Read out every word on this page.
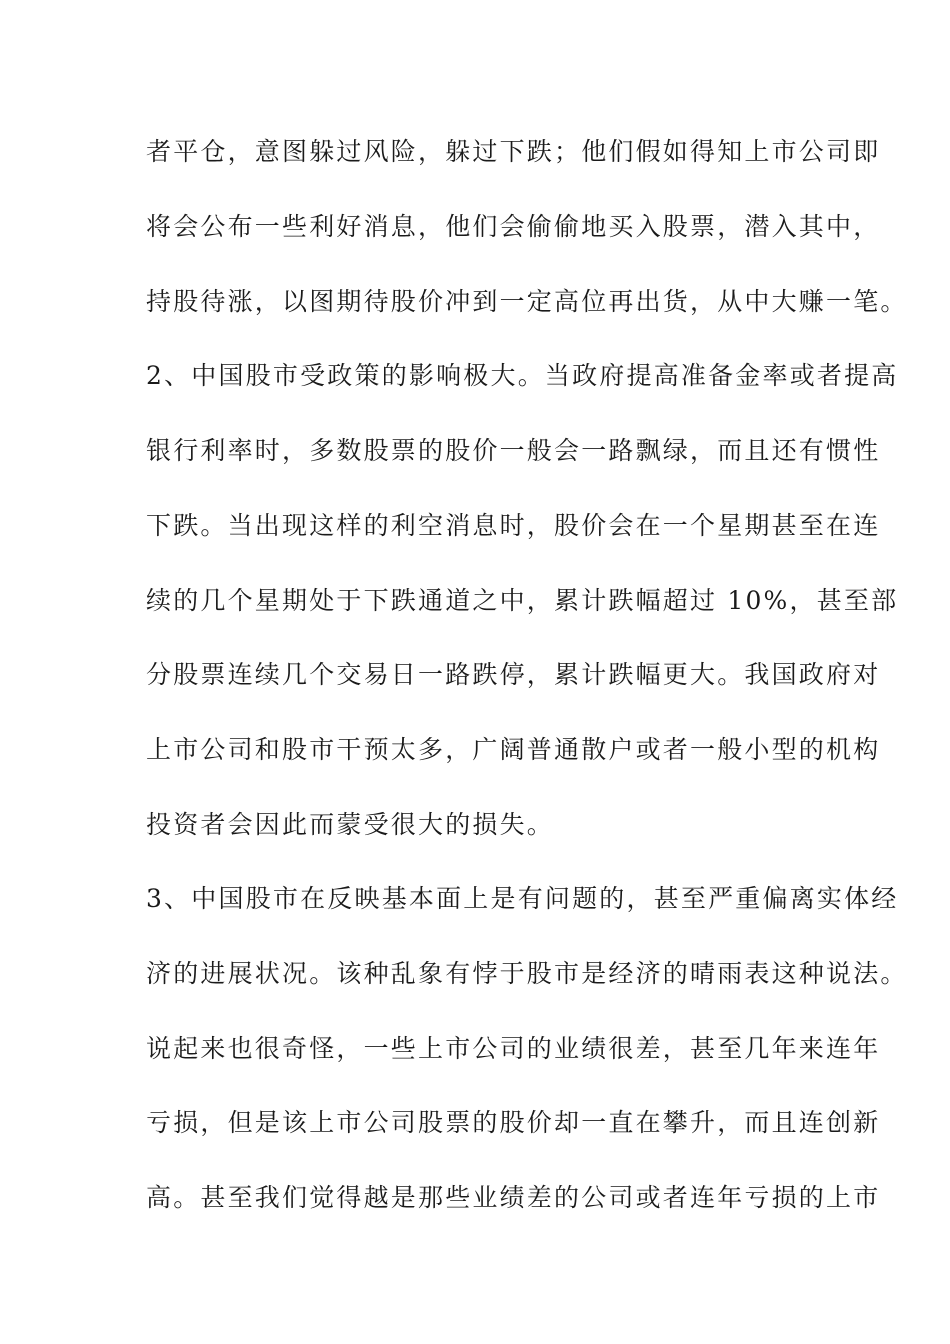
者平仓，意图躲过风险，躲过下跌；他们假如得知上市公司即
将会公布一些利好消息，他们会偷偷地买入股票，潜入其中，
持股待涨，以图期待股价冲到一定高位再出货，从中大赚一笔。
2、中国股市受政策的影响极大。当政府提高准备金率或者提高
银行利率时，多数股票的股价一般会一路飘绿，而且还有惯性
下跌。当出现这样的利空消息时，股价会在一个星期甚至在连
续的几个星期处于下跌通道之中，累计跌幅超过 10%，甚至部
分股票连续几个交易日一路跌停，累计跌幅更大。我国政府对
上市公司和股市干预太多，广阔普通散户或者一般小型的机构
投资者会因此而蒙受很大的损失。
3、中国股市在反映基本面上是有问题的，甚至严重偏离实体经
济的进展状况。该种乱象有悖于股市是经济的晴雨表这种说法。
说起来也很奇怪，一些上市公司的业绩很差，甚至几年来连年
亏损，但是该上市公司股票的股价却一直在攀升，而且连创新
高。甚至我们觉得越是那些业绩差的公司或者连年亏损的上市
